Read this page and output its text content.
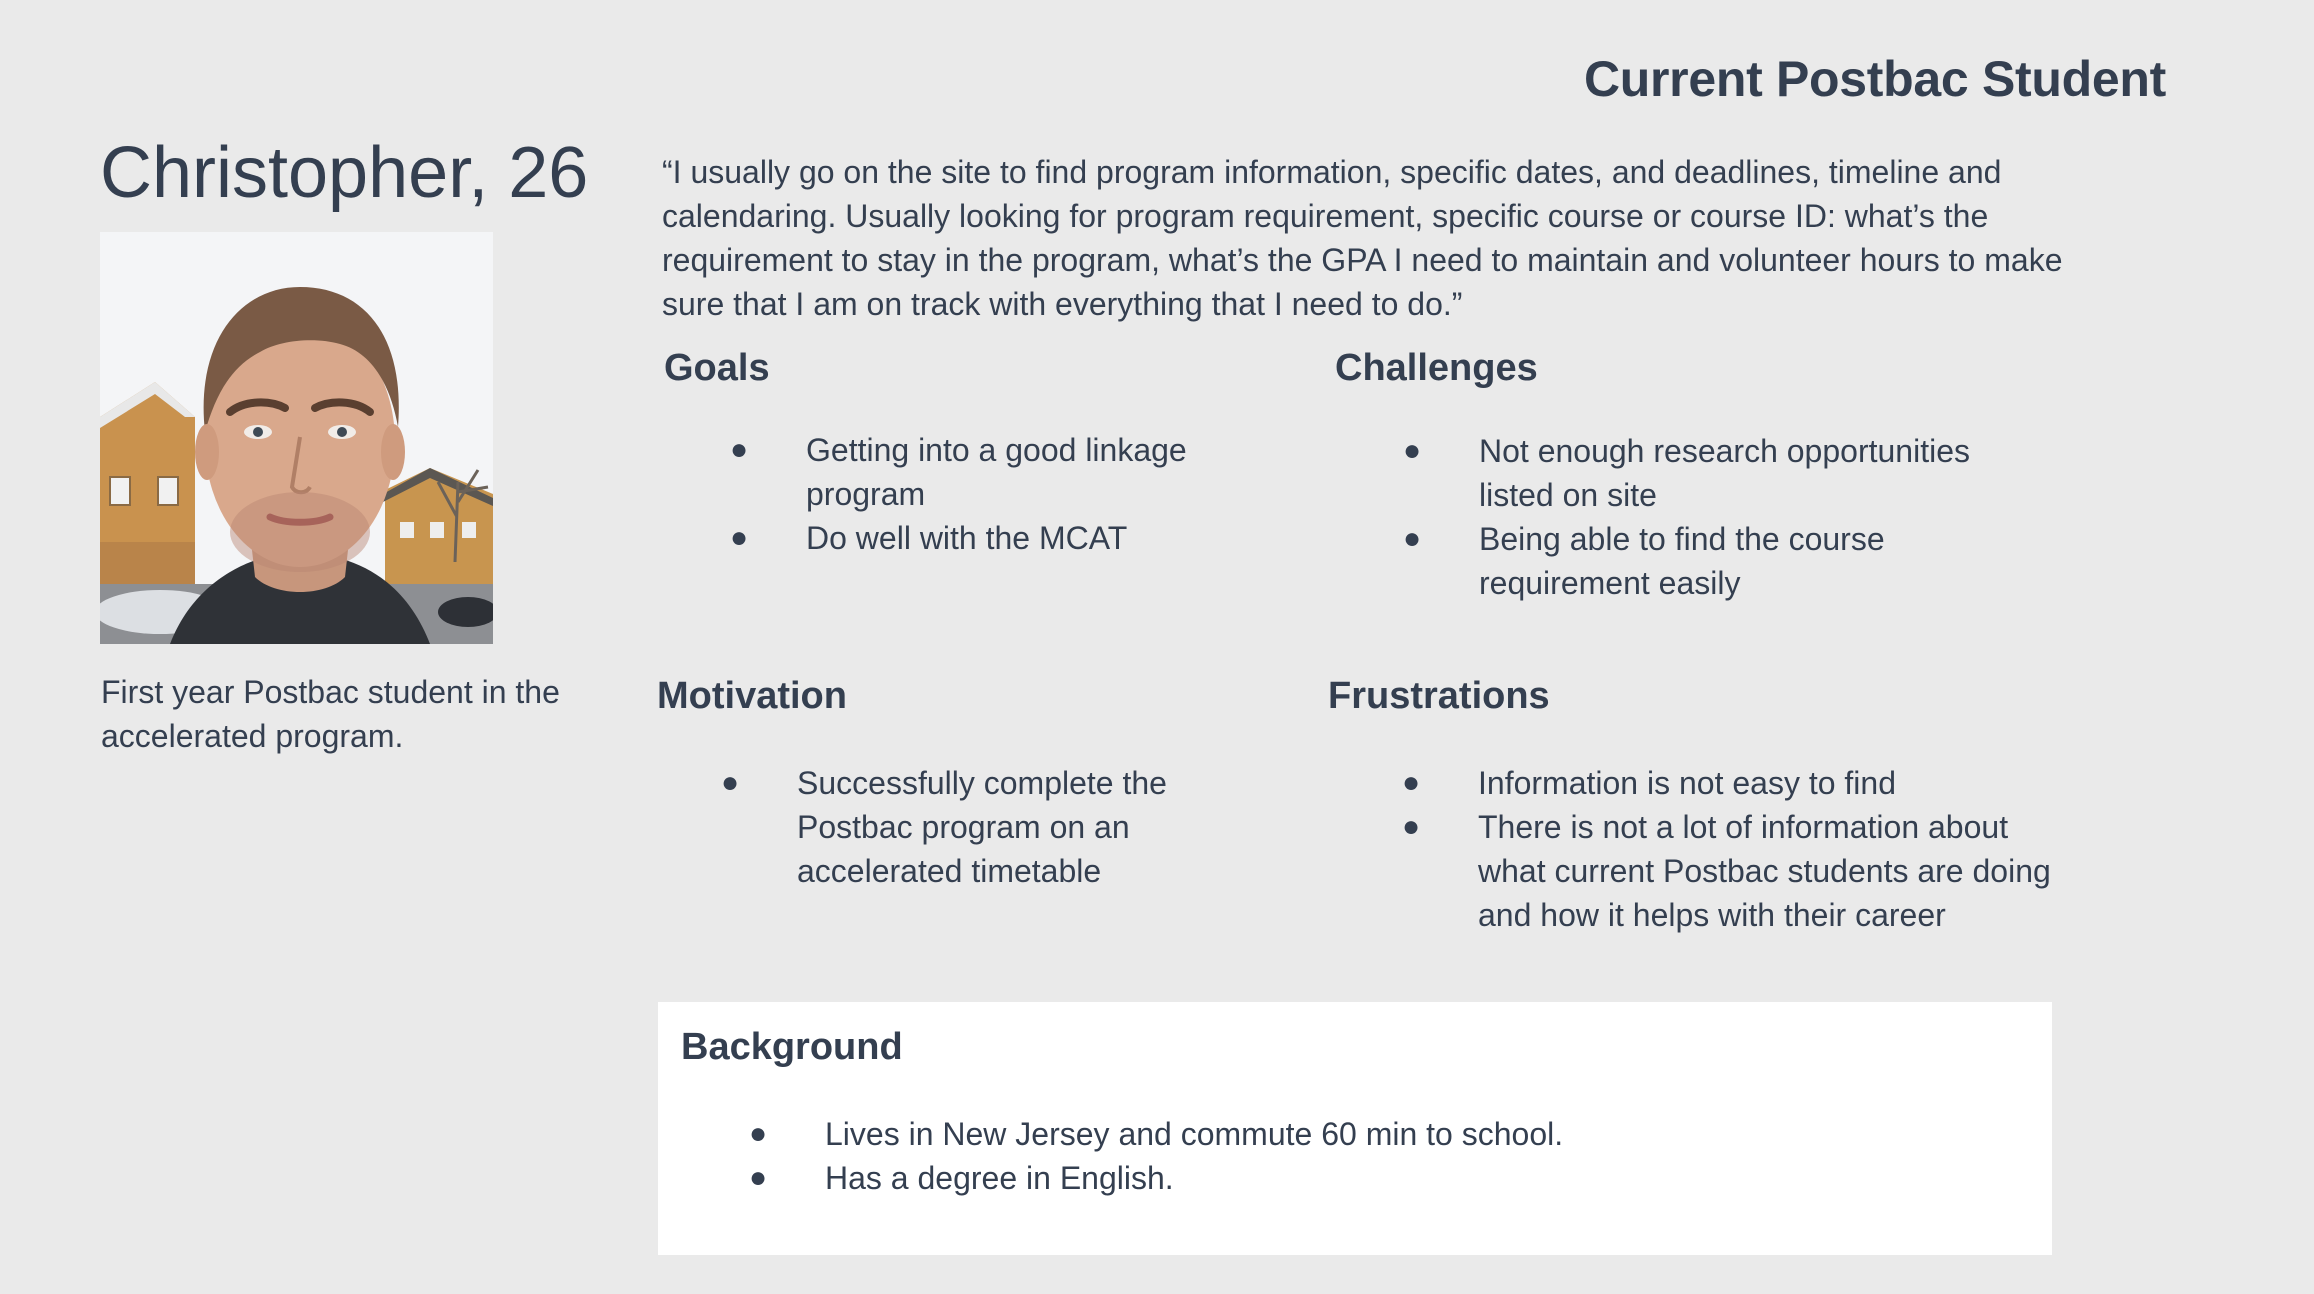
Current Postbac Student
Christopher, 26
First year Postbac student in the accelerated program.
“I usually go on the site to find program information, specific dates, and deadlines, timeline and calendaring. Usually looking for program requirement, specific course or course ID: what’s the requirement to stay in the program, what’s the GPA I need to maintain and volunteer hours to make sure that I am on track with everything that I need to do.”
Goals
● Getting into a good linkage program
● Do well with the MCAT
Challenges
● Not enough research opportunities listed on site
● Being able to find the course requirement easily
Motivation
● Successfully complete the Postbac program on an accelerated timetable
Frustrations
● Information is not easy to find
● There is not a lot of information about what current Postbac students are doing and how it helps with their career
Background
● Lives in New Jersey and commute 60 min to school.
● Has a degree in English.
